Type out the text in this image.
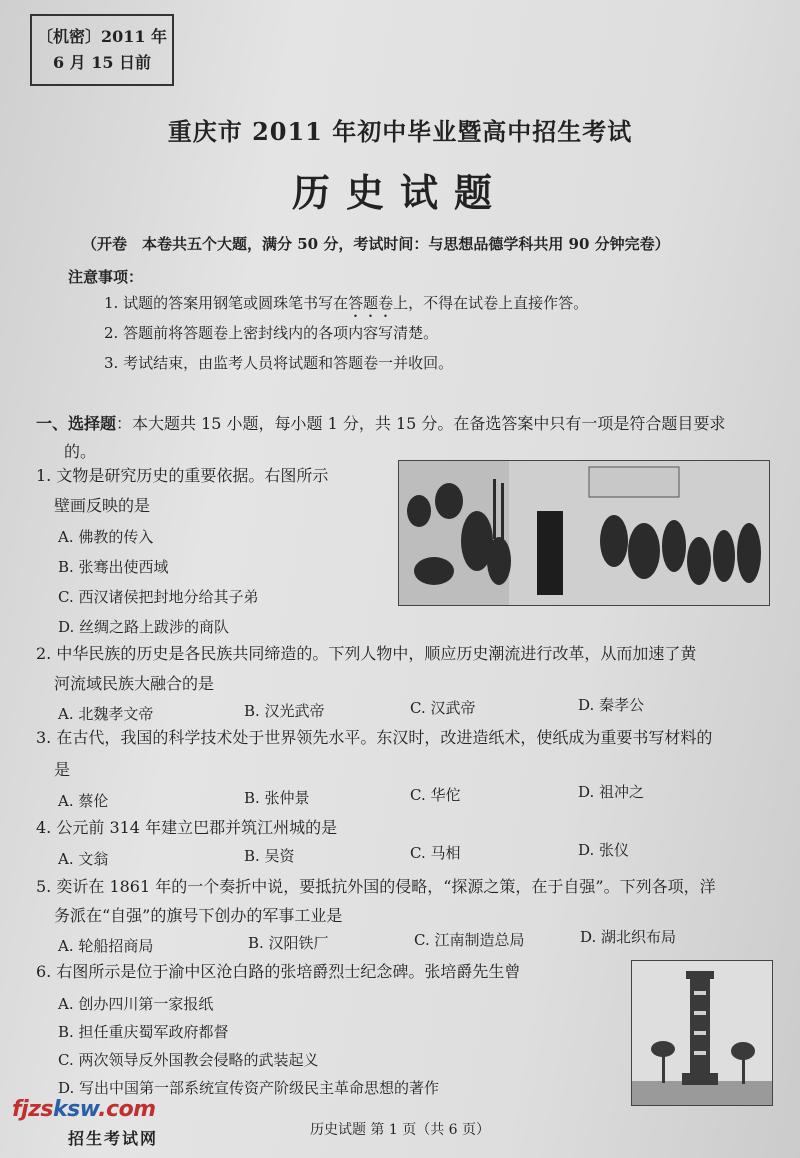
〔机密〕2011 年
6 月 15 日前
重庆市 2011 年初中毕业暨高中招生考试
历史试题
（开卷　本卷共五个大题，满分 50 分，考试时间：与思想品德学科共用 90 分钟完卷）
注意事项：
1. 试题的答案用钢笔或圆珠笔书写在答题卷上，不得在试卷上直接作答。
2. 答题前将答题卷上密封线内的各项内容写清楚。
3. 考试结束，由监考人员将试题和答题卷一并收回。
一、选择题：本大题共 15 小题，每小题 1 分，共 15 分。在备选答案中只有一项是符合题目要求
的。
1. 文物是研究历史的重要依据。右图所示
壁画反映的是
A. 佛教的传入
B. 张骞出使西域
C. 西汉诸侯把封地分给其子弟
D. 丝绸之路上跋涉的商队
2. 中华民族的历史是各民族共同缔造的。下列人物中，顺应历史潮流进行改革，从而加速了黄
河流域民族大融合的是
A. 北魏孝文帝	B. 汉光武帝	C. 汉武帝	D. 秦孝公
3. 在古代，我国的科学技术处于世界领先水平。东汉时，改进造纸术，使纸成为重要书写材料的
是
A. 蔡伦	B. 张仲景	C. 华佗	D. 祖冲之
4. 公元前 314 年建立巴郡并筑江州城的是
A. 文翁	B. 吴资	C. 马相	D. 张仪
5. 奕䜣在 1861 年的一个奏折中说，要抵抗外国的侵略，“探源之策，在于自强”。下列各项，洋
务派在“自强”的旗号下创办的军事工业是
A. 轮船招商局	B. 汉阳铁厂	C. 江南制造总局	D. 湖北织布局
6. 右图所示是位于渝中区沧白路的张培爵烈士纪念碑。张培爵先生曾
A. 创办四川第一家报纸
B. 担任重庆蜀军政府都督
C. 两次领导反外国教会侵略的武装起义
D. 写出中国第一部系统宣传资产阶级民主革命思想的著作
历史试题 第 1 页（共 6 页）
fjzsksw.com
招生考试网
